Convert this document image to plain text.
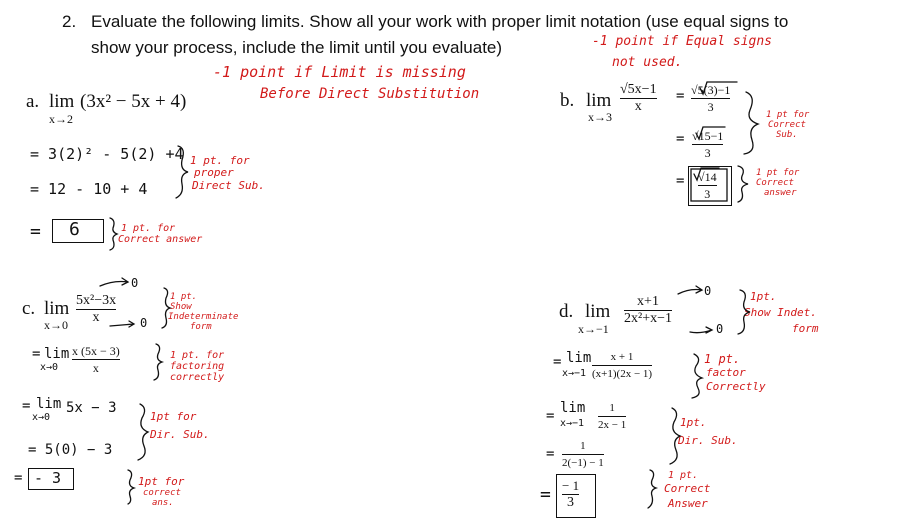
2. Evaluate the following limits. Show all your work with proper limit notation (use equal signs to
show your process, include the limit until you evaluate)	-1 point if Equal signs
not used.
-1 point if Limit is missing
Before Direct Substitution
a. lim
x→2
(3x² − 5x + 4)
= 3(2)² - 5(2) +4
= 12 - 10 + 4
= 6
1 pt. for
proper
Direct Sub.
1 pt. for
Correct answer
b. lim
x→3
√5x−1
x
= √5(3)−1
3
= √15−1
3
= √14
3
1 pt for
Correct
Sub.
1 pt for
Correct
answer
c. lim
x→0
5x²−3x
x
0
0
= lim
x→0
x (5x − 3)
x
= lim
x→0
5x − 3
= 5(0) − 3
= - 3
1 pt.
Show
Indeterminate
form
1 pt. for
factoring
correctly
1pt for
Dir. Sub.
1pt for
correct
ans.
d. lim
x→−1
x+1
2x²+x−1
0
0
= lim
x→−1
x + 1
(x+1)(2x − 1)
= lim
x→−1
1
2x − 1
= 1
2(−1) − 1
= − 1
3
1pt.
Show Indet.
form
1 pt.
factor
Correctly
1pt.
Dir. Sub.
1 pt.
Correct
Answer
